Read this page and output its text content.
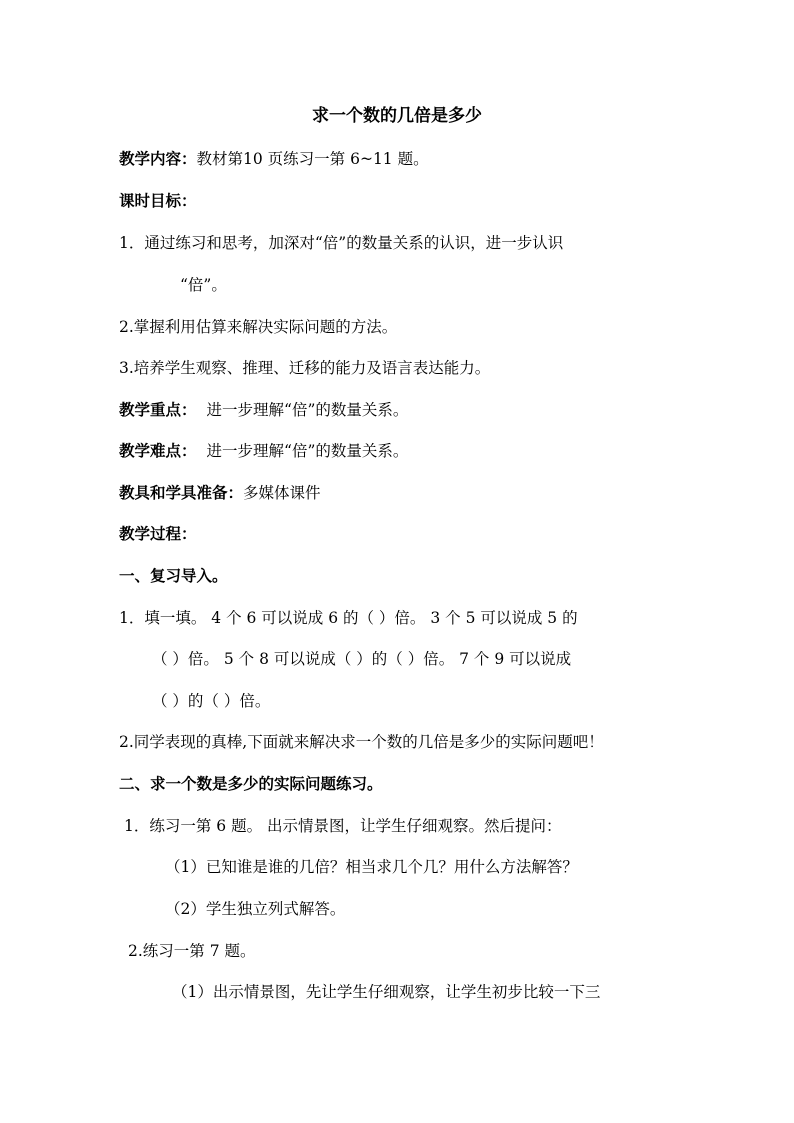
求一个数的几倍是多少
教学内容：教材第10 页练习一第 6~11 题。
课时目标：
1．通过练习和思考，加深对“倍”的数量关系的认识，进一步认识
“倍”。
2.掌握利用估算来解决实际问题的方法。
3.培养学生观察、推理、迁移的能力及语言表达能力。
教学重点： 进一步理解“倍”的数量关系。
教学难点： 进一步理解“倍”的数量关系。
教具和学具准备：多媒体课件
教学过程：
一、复习导入。
1．填一填。 4 个 6 可以说成 6 的（ ）倍。 3 个 5 可以说成 5 的
（ ）倍。 5 个 8 可以说成（ ）的（ ）倍。 7 个 9 可以说成
（ ）的（ ）倍。
2.同学表现的真棒,下面就来解决求一个数的几倍是多少的实际问题吧！
二、求一个数是多少的实际问题练习。
1．练习一第 6 题。 出示情景图，让学生仔细观察。然后提问：
（1）已知谁是谁的几倍？相当求几个几？用什么方法解答？
（2）学生独立列式解答。
2.练习一第 7 题。
（1）出示情景图，先让学生仔细观察，让学生初步比较一下三
